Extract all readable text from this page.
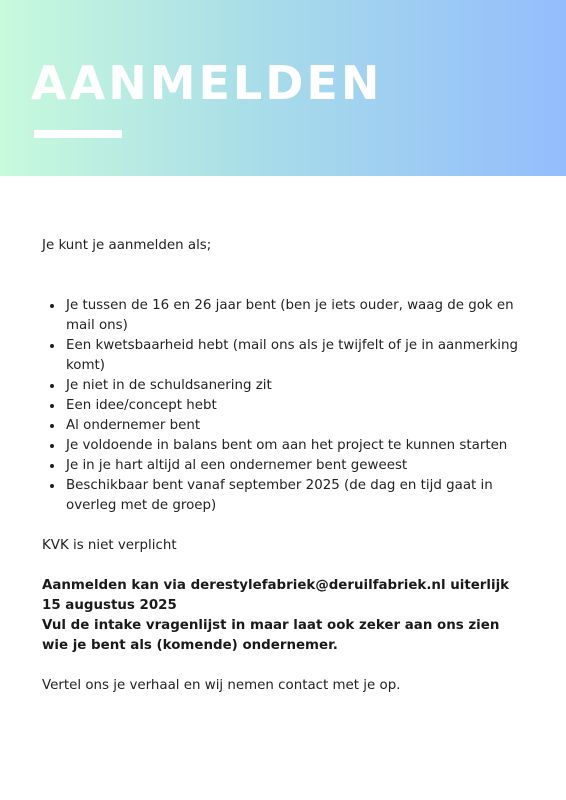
AANMELDEN

Je kunt je aanmelden als;

• Je tussen de 16 en 26 jaar bent (ben je iets ouder, waag de gok en mail ons)
• Een kwetsbaarheid hebt (mail ons als je twijfelt of je in aanmerking komt)
• Je niet in de schuldsanering zit
• Een idee/concept hebt
• Al ondernemer bent
• Je voldoende in balans bent om aan het project te kunnen starten
• Je in je hart altijd al een ondernemer bent geweest
• Beschikbaar bent vanaf september 2025 (de dag en tijd gaat in overleg met de groep)

KVK is niet verplicht

Aanmelden kan via derestylefabriek@deruilfabriek.nl uiterlijk 15 augustus 2025

Vul de intake vragenlijst in maar laat ook zeker aan ons zien wie je bent als (komende) ondernemer.

Vertel ons je verhaal en wij nemen contact met je op.
